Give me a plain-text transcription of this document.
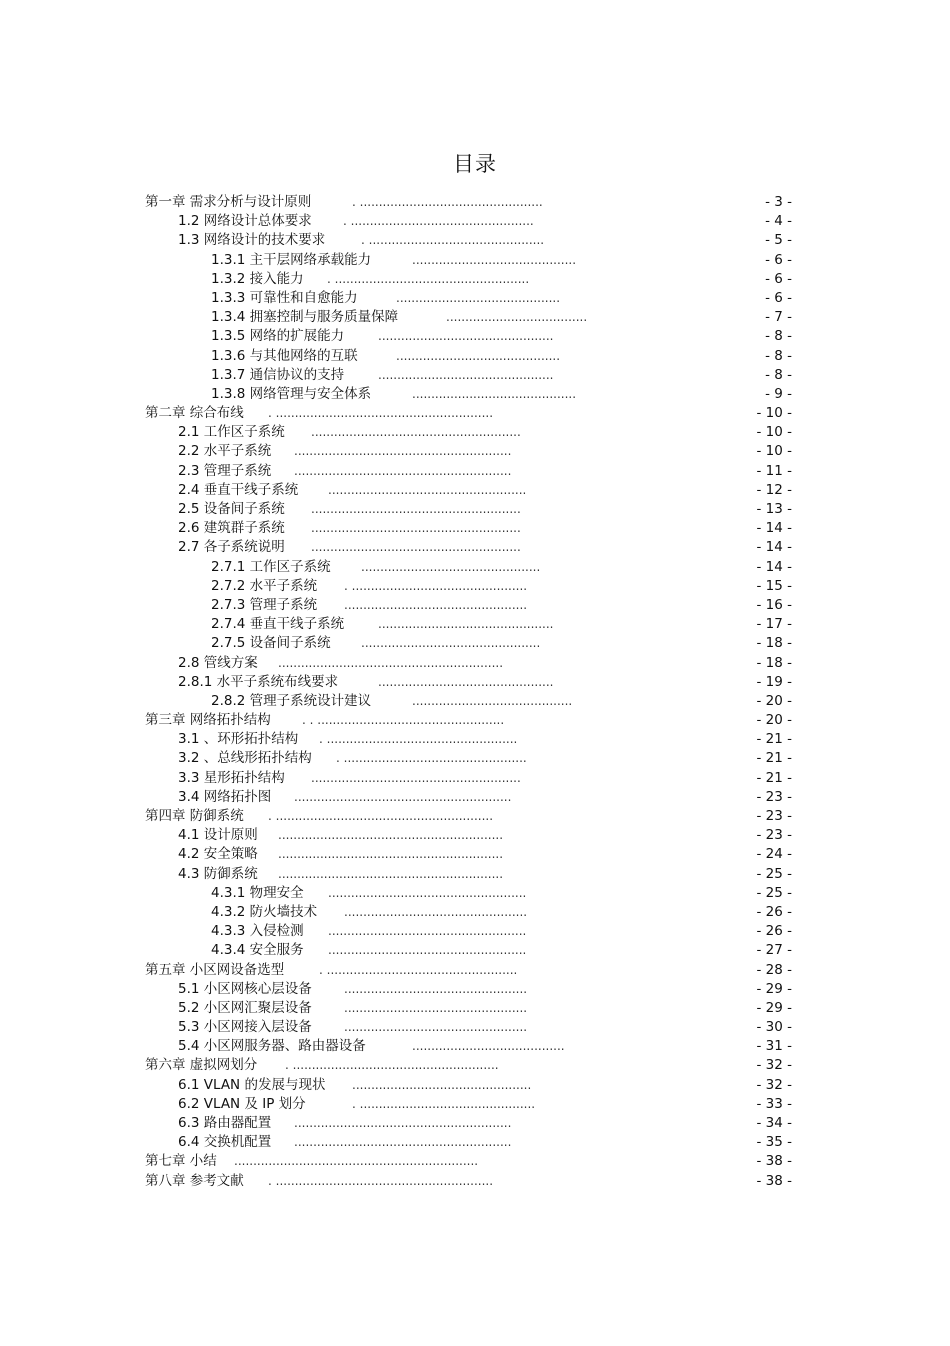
目录
第一章 需求分析与设计原则	. ................................................	- 3 -
1.2 网络设计总体要求	. ................................................	- 4 -
1.3 网络设计的技术要求	. ..............................................	- 5 -
1.3.1 主干层网络承载能力	...........................................	- 6 -
1.3.2 接入能力 . ...................................................	- 6 -
1.3.3 可靠性和自愈能力	...........................................	- 6 -
1.3.4 拥塞控制与服务质量保障	.....................................	- 7 -
1.3.5 网络的扩展能力	..............................................	- 8 -
1.3.6 与其他网络的互联	...........................................	- 8 -
1.3.7 通信协议的支持	..............................................	- 8 -
1.3.8 网络管理与安全体系	...........................................	- 9 -
第二章 综合布线 . .........................................................	- 10 -
2.1 工作区子系统 .......................................................	- 10 -
2.2 水平子系统 .........................................................	- 10 -
2.3 管理子系统 .........................................................	- 11 -
2.4 垂直干线子系统 ....................................................	- 12 -
2.5 设备间子系统 .......................................................	- 13 -
2.6 建筑群子系统 .......................................................	- 14 -
2.7 各子系统说明 .......................................................	- 14 -
2.7.1 工作区子系统	...............................................	- 14 -
2.7.2 水平子系统 . ..............................................	- 15 -
2.7.3 管理子系统 ................................................	- 16 -
2.7.4 垂直干线子系统	..............................................	- 17 -
2.7.5 设备间子系统	...............................................	- 18 -
2.8 管线方案 ...........................................................	- 18 -
2.8.1 水平子系统布线要求	..............................................	- 19 -
2.8.2 管理子系统设计建议	..........................................	- 20 -
第三章 网络拓扑结构	. . .................................................	- 20 -
3.1 、环形拓扑结构 . ..................................................	- 21 -
3.2 、总线形拓扑结构 . ................................................	- 21 -
3.3 星形拓扑结构 .......................................................	- 21 -
3.4 网络拓扑图 .........................................................	- 23 -
第四章 防御系统 . .........................................................	- 23 -
4.1 设计原则 ...........................................................	- 23 -
4.2 安全策略 ...........................................................	- 24 -
4.3 防御系统 ...........................................................	- 25 -
4.3.1 物理安全 ....................................................	- 25 -
4.3.2 防火墙技术 ................................................	- 26 -
4.3.3 入侵检测 ....................................................	- 26 -
4.3.4 安全服务 ....................................................	- 27 -
第五章 小区网设备选型	. ..................................................	- 28 -
5.1 小区网核心层设备	................................................	- 29 -
5.2 小区网汇聚层设备	................................................	- 29 -
5.3 小区网接入层设备	................................................	- 30 -
5.4 小区网服务器、路由器设备	........................................	- 31 -
第六章 虚拟网划分 . ......................................................	- 32 -
6.1 VLAN 的发展与现状 ...............................................	- 32 -
6.2 VLAN 及 IP 划分	. ..............................................	- 33 -
6.3 路由器配置 .........................................................	- 34 -
6.4 交换机配置 .........................................................	- 35 -
第七章 小结 ................................................................	- 38 -
第八章 参考文献 . .........................................................	- 38 -
